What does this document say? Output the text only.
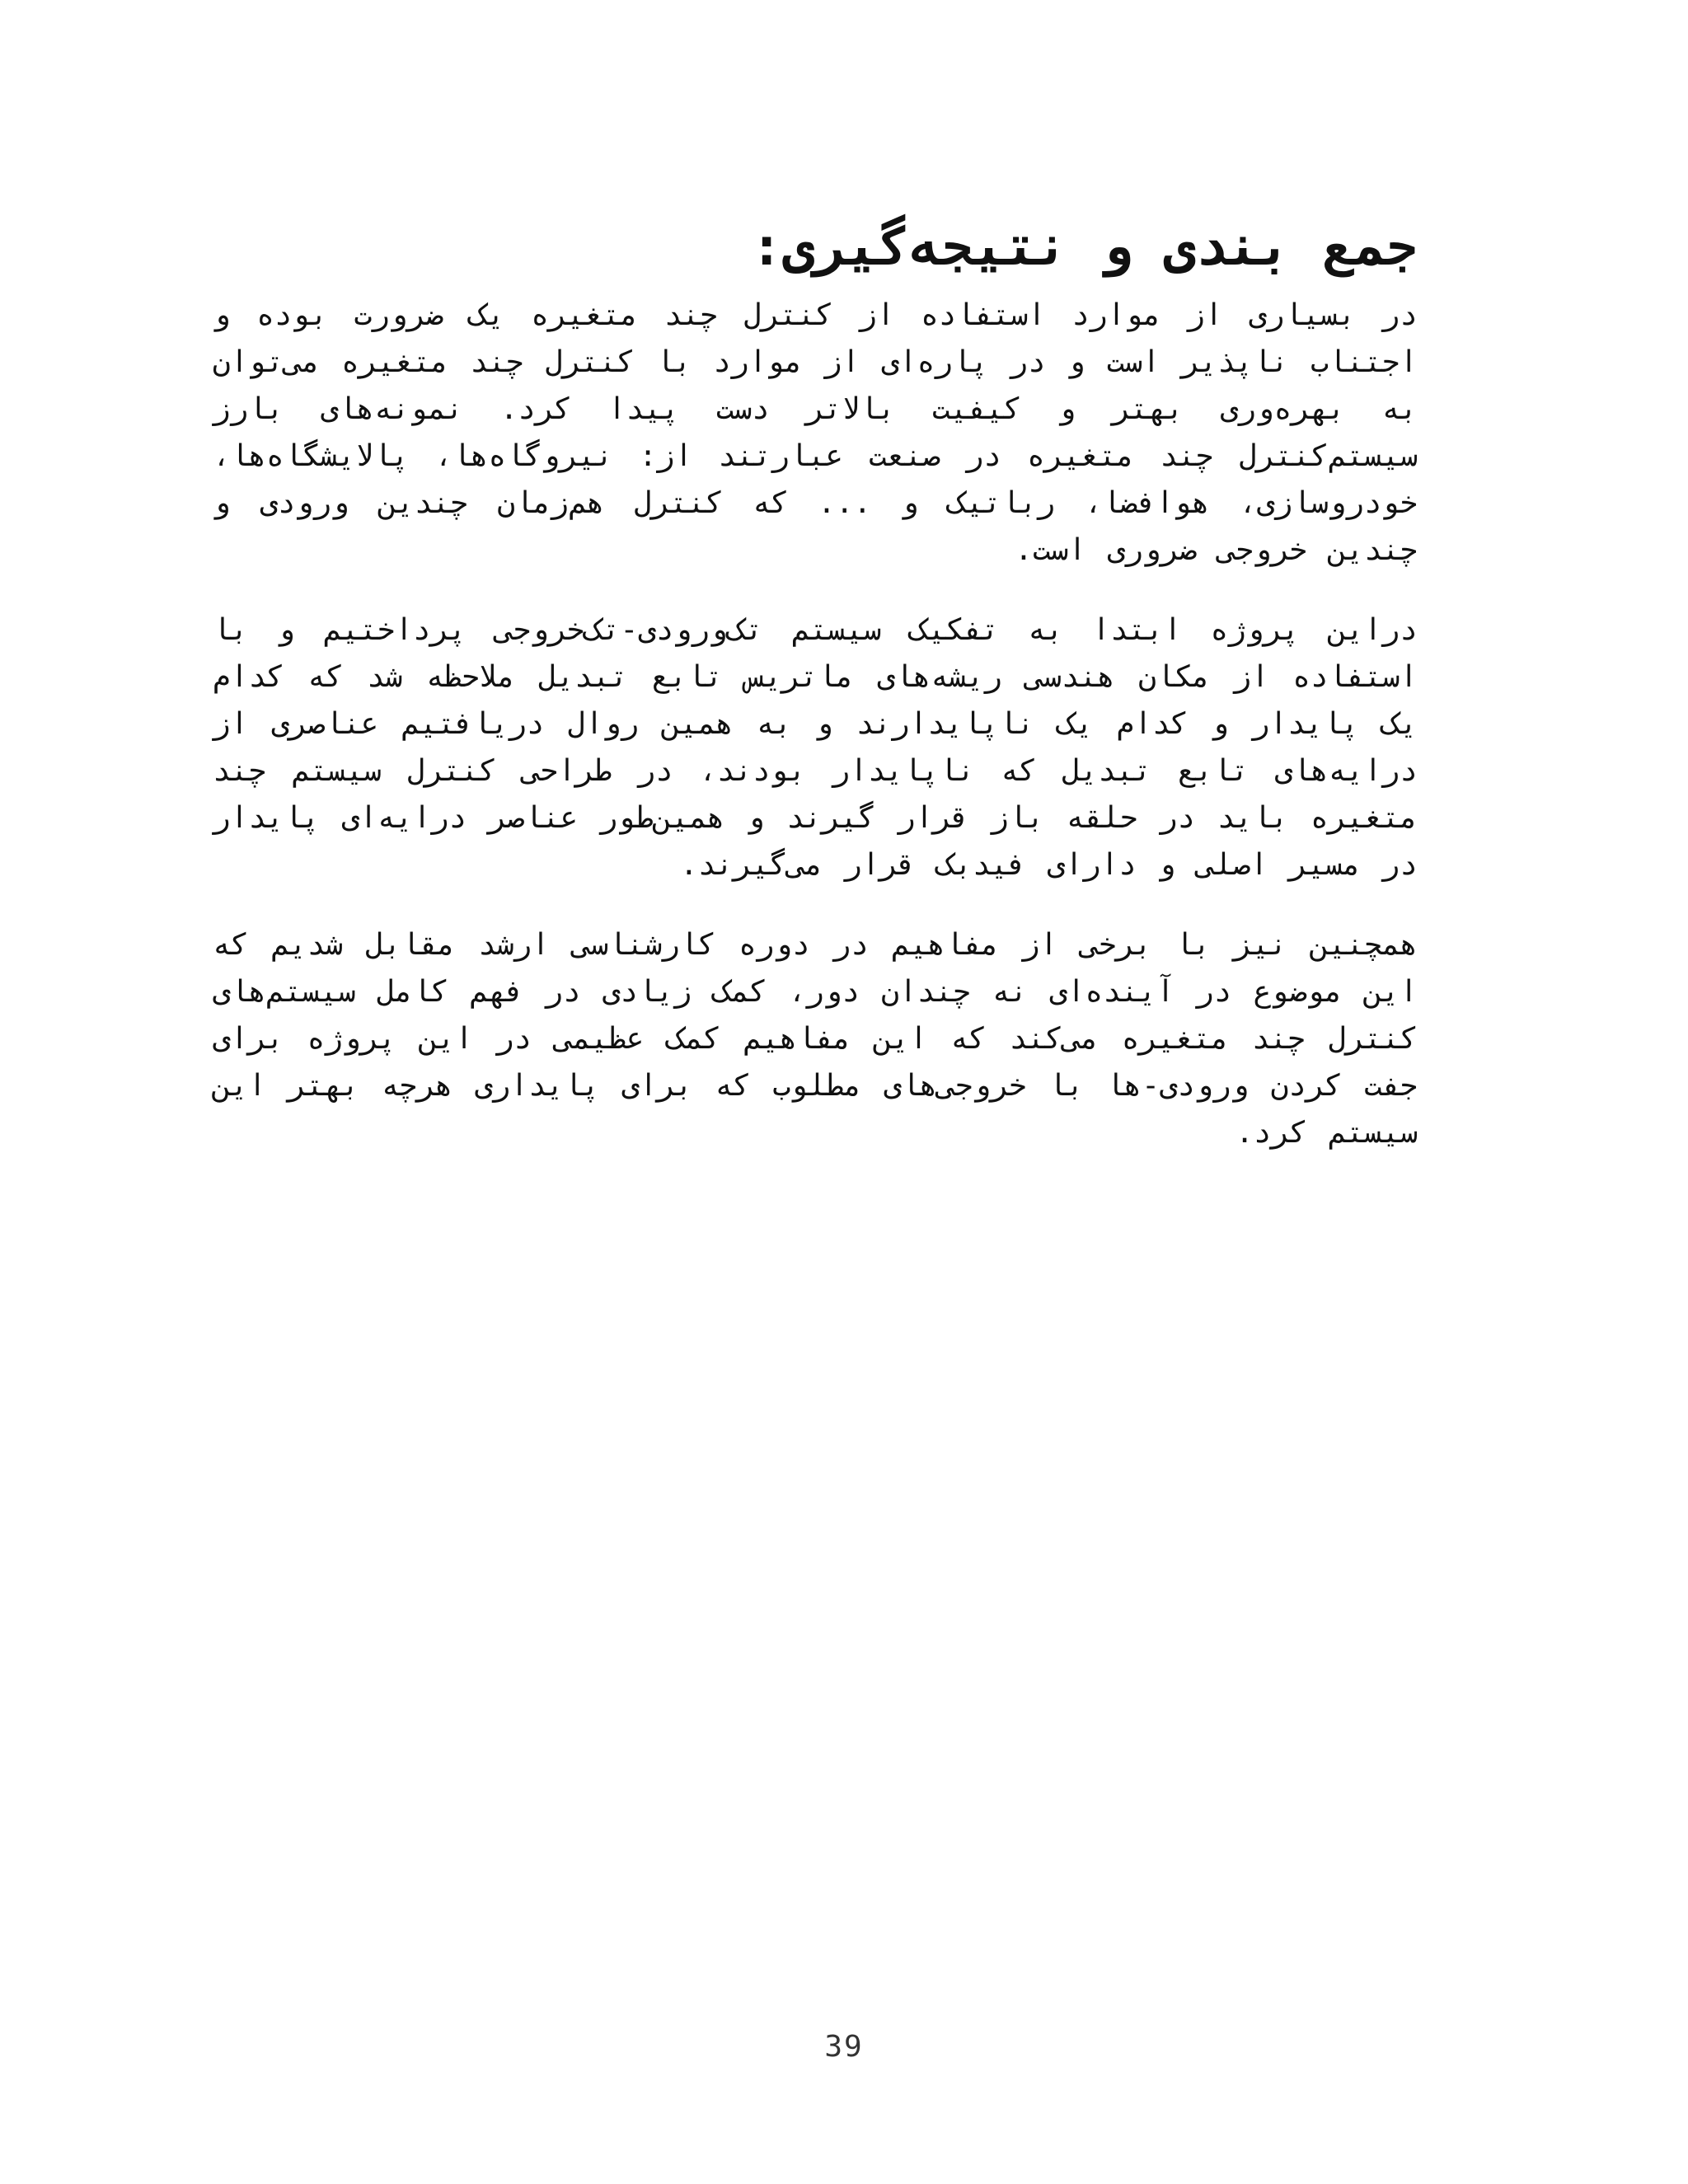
جمع بندی و نتیجه‌گیری:

در بسیاری از موارد استفاده از کنترل چند متغیره یک ضرورت بوده و اجتناب ناپذیر است و در پاره‌ای از موارد با کنترل چند متغیره می‌توان به بهره‌وری بهتر و کیفیت بالاتر دست پیدا کرد. نمونه‌های بارز سیستم‌کنترل چند متغیره در صنعت عبارتند از: نیروگاه‌ها، پالایشگاه‌ها، خودروسازی، هوافضا، رباتیک و ... که کنترل هم‌زمان چندین ورودی و چندین خروجی ضروری است.

دراین پروژه ابتدا به تفکیک سیستم تک‌ورودی-تک‌خروجی پرداختیم و با استفاده از مکان هندسی ریشه‌های ماتریس تابع تبدیل ملاحظه شد که کدام یک پایدار و کدام یک ناپایدارند و به همین روال دریافتیم عناصری از درایه‌های تابع تبدیل که ناپایدار بودند، در طراحی کنترل سیستم چند متغیره باید در حلقه باز قرار گیرند و همین‌طور عناصر درایه‌ای پایدار در مسیر اصلی و دارای فیدبک قرار می‌گیرند.

همچنین نیز با برخی از مفاهیم در دوره کارشناسی ارشد مقابل شدیم که این موضوع در آینده‌ای نه چندان دور، کمک زیادی در فهم کامل سیستم‌های کنترل چند متغیره می‌کند که این مفاهیم کمک عظیمی در این پروژه برای جفت کردن ورودی-ها با خروجی‌های مطلوب که برای پایداری هرچه بهتر این سیستم کرد.

39
